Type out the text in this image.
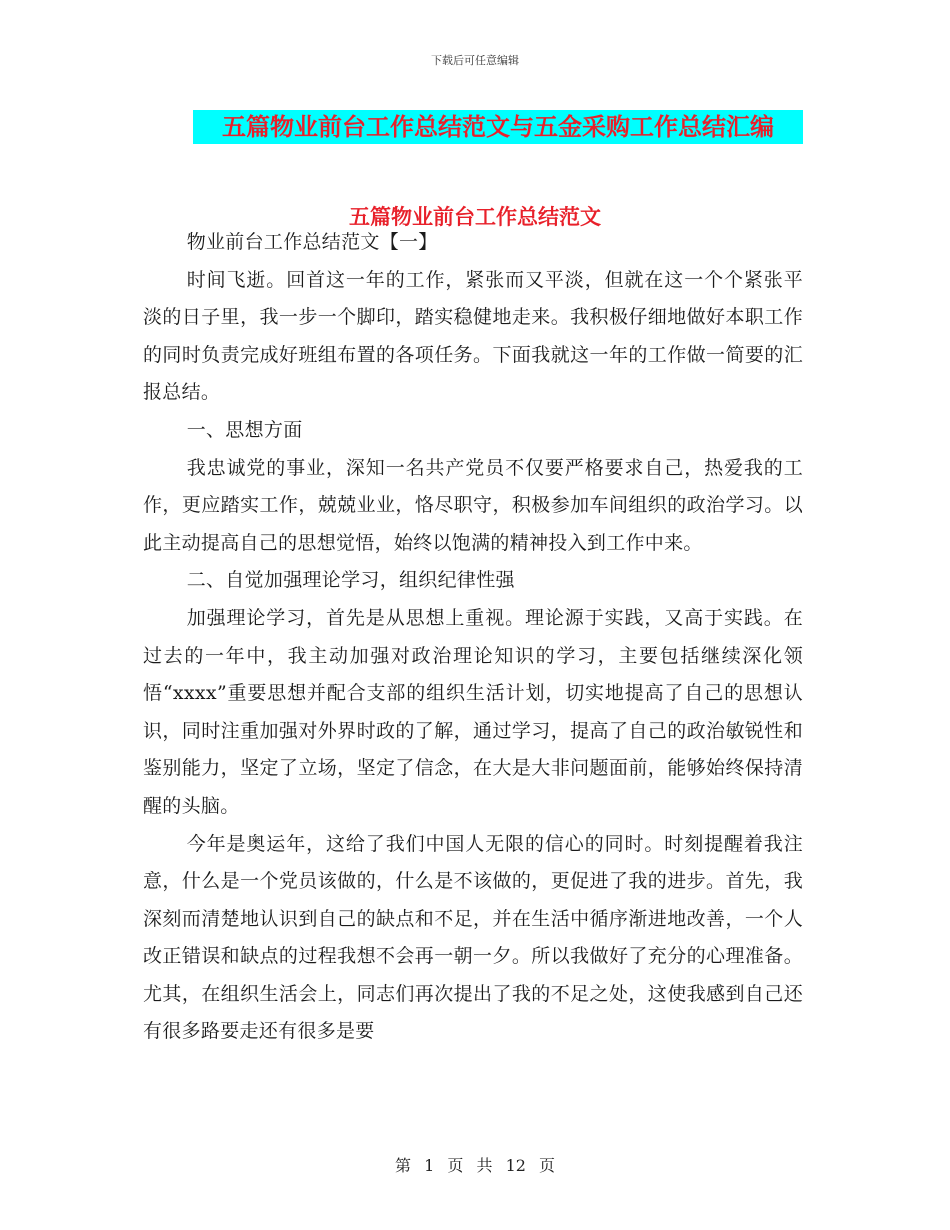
下载后可任意编辑
五篇物业前台工作总结范文与五金采购工作总结汇编
五篇物业前台工作总结范文

物业前台工作总结范文【一】

时间飞逝。回首这一年的工作，紧张而又平淡，但就在这一个个紧张平淡的日子里，我一步一个脚印，踏实稳健地走来。我积极仔细地做好本职工作的同时负责完成好班组布置的各项任务。下面我就这一年的工作做一简要的汇报总结。

一、思想方面

我忠诚党的事业，深知一名共产党员不仅要严格要求自己，热爱我的工作，更应踏实工作，兢兢业业，恪尽职守，积极参加车间组织的政治学习。以此主动提高自己的思想觉悟，始终以饱满的精神投入到工作中来。

二、自觉加强理论学习，组织纪律性强

加强理论学习，首先是从思想上重视。理论源于实践，又高于实践。在过去的一年中，我主动加强对政治理论知识的学习，主要包括继续深化领悟“xxxx”重要思想并配合支部的组织生活计划，切实地提高了自己的思想认识，同时注重加强对外界时政的了解，通过学习，提高了自己的政治敏锐性和鉴别能力，坚定了立场，坚定了信念，在大是大非问题面前，能够始终保持清醒的头脑。

今年是奥运年，这给了我们中国人无限的信心的同时。时刻提醒着我注意，什么是一个党员该做的，什么是不该做的，更促进了我的进步。首先，我深刻而清楚地认识到自己的缺点和不足，并在生活中循序渐进地改善，一个人改正错误和缺点的过程我想不会再一朝一夕。所以我做好了充分的心理准备。尤其，在组织生活会上，同志们再次提出了我的不足之处，这使我感到自己还有很多路要走还有很多是要

第 1 页 共 12 页
